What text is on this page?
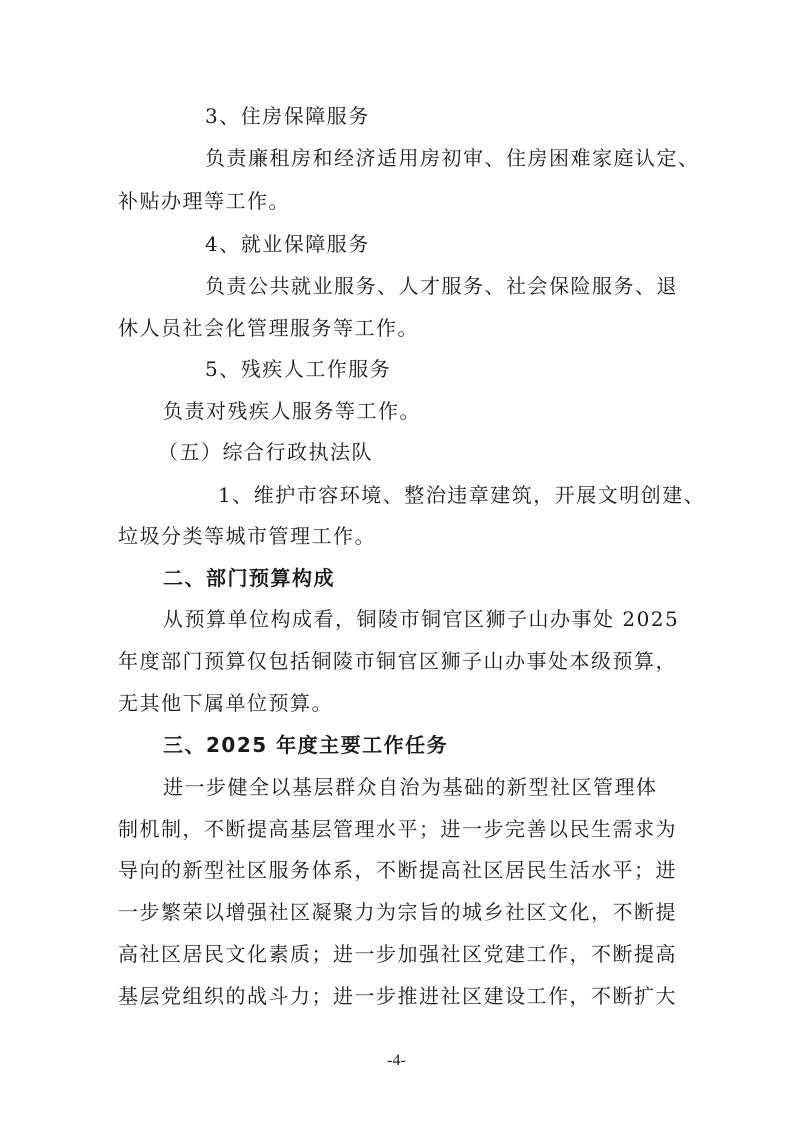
3、住房保障服务
负责廉租房和经济适用房初审、住房困难家庭认定、
补贴办理等工作。
4、就业保障服务
负责公共就业服务、人才服务、社会保险服务、退
休人员社会化管理服务等工作。
5、残疾人工作服务
负责对残疾人服务等工作。
（五）综合行政执法队
1、维护市容环境、整治违章建筑，开展文明创建、
垃圾分类等城市管理工作。
二、部门预算构成
从预算单位构成看，铜陵市铜官区狮子山办事处 2025
年度部门预算仅包括铜陵市铜官区狮子山办事处本级预算，
无其他下属单位预算。
三、2025 年度主要工作任务
进一步健全以基层群众自治为基础的新型社区管理体
制机制，不断提高基层管理水平；进一步完善以民生需求为
导向的新型社区服务体系，不断提高社区居民生活水平；进
一步繁荣以增强社区凝聚力为宗旨的城乡社区文化，不断提
高社区居民文化素质；进一步加强社区党建工作，不断提高
基层党组织的战斗力；进一步推进社区建设工作，不断扩大
-4-
